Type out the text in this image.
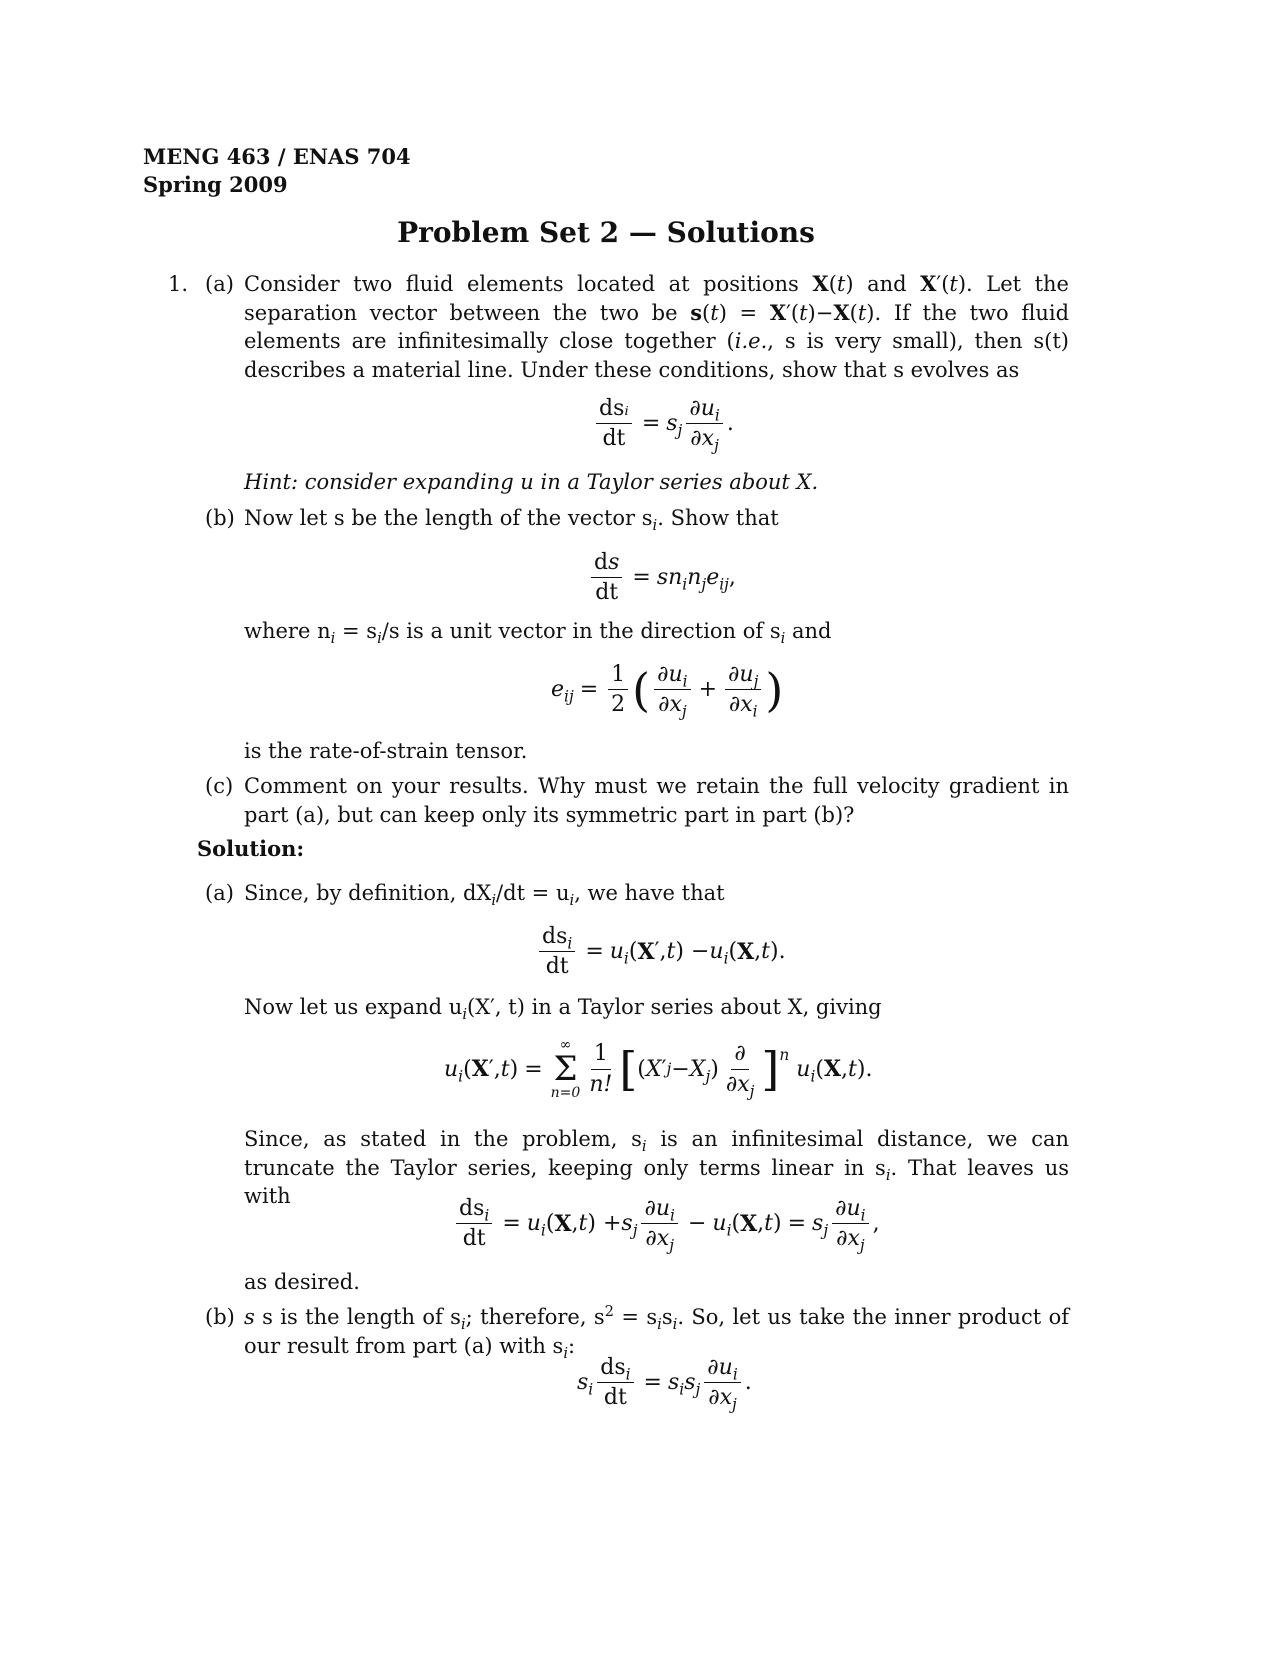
MENG 463 / ENAS 704
Spring 2009
Problem Set 2 — Solutions
1. (a) Consider two fluid elements located at positions X(t) and X′(t). Let the separation vector between the two be s(t) = X′(t)−X(t). If the two fluid elements are infinitesimally close together (i.e., s is very small), then s(t) describes a material line. Under these conditions, show that s evolves as
$\frac{\text{dsᵢ}}{dt} = s_j \frac{\partial u_i}{\partial x_j}$ .
Hint: consider expanding u in a Taylor series about X.
(b) Now let s be the length of the vector $s_i$. Show that
$\frac{ds}{dt} = sn_in_je_{ij}$ ,
where $n_i = s_i/s$ is a unit vector in the direction of $s_i$ and
$e_{ij} = \frac{1}{2}$ ( $\frac{\partial u_i}{\partial x_j} + \frac{\partial u_j}{\partial x_i}$ )
is the rate-of-strain tensor.
(c) Comment on your results. Why must we retain the full velocity gradient in part (a), but can keep only its symmetric part in part (b)?
Solution:
(a) Since, by definition, $dX_i/dt = u_i$, we have that
$\frac{ds_i}{dt} = u_i$ ( X ′, t ) − $u_i$ ( X , t ).
Now let us expand $u_i(X'$, t) in a Taylor series about X, giving
$u_i$ ( X ′, t ) =
∞
Σ
$n=0 \frac{1}{n!}$ [ ( X ′ $j - X_j$ ) $\frac{\partial}{\partial x_j}$ ] $^n$
$u_i$ ( X , t ).
Since, as stated in the problem, $s_i$ is an infinitesimal distance, we can truncate the Taylor series, keeping only terms linear in $s_i$. That leaves us with	$\frac{ds_i}{dt} = u_i$ ( X , t ) + $s_j \frac{\partial u_i}{\partial x_j} - u_i$ ( X , t ) = $s_j \frac{\partial u_i}{\partial x_j}$ ,
as desired.
(b) s s is the length of $s_i$; therefore, $s^2 = s_is_i$. So, let us take the inner product of our result from part (a) with $s_i$:
$s_i \frac{ds_i}{dt} = s_is_j \frac{\partial u_i}{\partial x_j}$ .
